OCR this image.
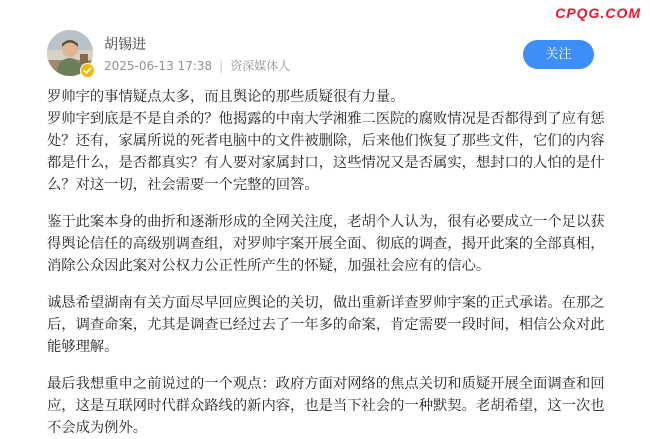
CPQG.COM
胡锡进
2025-06-13 17:38 | 资深媒体人
关注

罗帅宇的事情疑点太多，而且舆论的那些质疑很有力量。

罗帅宇到底是不是自杀的？他揭露的中南大学湘雅二医院的腐败情况是否都得到了应有惩处？还有，家属所说的死者电脑中的文件被删除，后来他们恢复了那些文件，它们的内容都是什么，是否都真实？有人要对家属封口，这些情况又是否属实，想封口的人怕的是什么？对这一切，社会需要一个完整的回答。

鉴于此案本身的曲折和逐渐形成的全网关注度，老胡个人认为，很有必要成立一个足以获得舆论信任的高级别调查组，对罗帅宇案开展全面、彻底的调查，揭开此案的全部真相，消除公众因此案对公权力公正性所产生的怀疑，加强社会应有的信心。

诚恳希望湖南有关方面尽早回应舆论的关切，做出重新详查罗帅宇案的正式承诺。在那之后，调查命案，尤其是调查已经过去了一年多的命案，肯定需要一段时间，相信公众对此能够理解。

最后我想重申之前说过的一个观点：政府方面对网络的焦点关切和质疑开展全面调查和回应，这是互联网时代群众路线的新内容，也是当下社会的一种默契。老胡希望，这一次也不会成为例外。
